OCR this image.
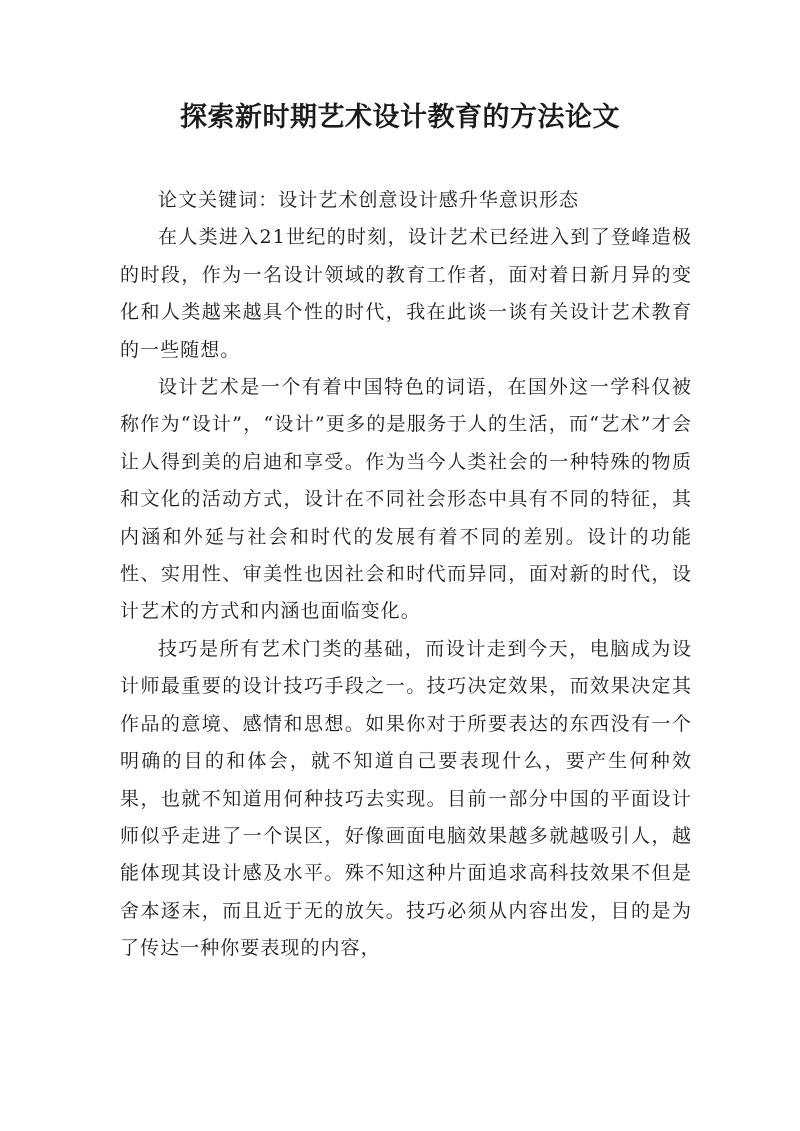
探索新时期艺术设计教育的方法论文

论文关键词：设计艺术创意设计感升华意识形态

在人类进入21世纪的时刻，设计艺术已经进入到了登峰造极的时段，作为一名设计领域的教育工作者，面对着日新月异的变化和人类越来越具个性的时代，我在此谈一谈有关设计艺术教育的一些随想。

设计艺术是一个有着中国特色的词语，在国外这一学科仅被称作为“设计”，“设计”更多的是服务于人的生活，而“艺术”才会让人得到美的启迪和享受。作为当今人类社会的一种特殊的物质和文化的活动方式，设计在不同社会形态中具有不同的特征，其内涵和外延与社会和时代的发展有着不同的差别。设计的功能性、实用性、审美性也因社会和时代而异同，面对新的时代，设计艺术的方式和内涵也面临变化。

技巧是所有艺术门类的基础，而设计走到今天，电脑成为设计师最重要的设计技巧手段之一。技巧决定效果，而效果决定其作品的意境、感情和思想。如果你对于所要表达的东西没有一个明确的目的和体会，就不知道自己要表现什么，要产生何种效果，也就不知道用何种技巧去实现。目前一部分中国的平面设计师似乎走进了一个误区，好像画面电脑效果越多就越吸引人，越能体现其设计感及水平。殊不知这种片面追求高科技效果不但是舍本逐末，而且近于无的放矢。技巧必须从内容出发，目的是为了传达一种你要表现的内容，
